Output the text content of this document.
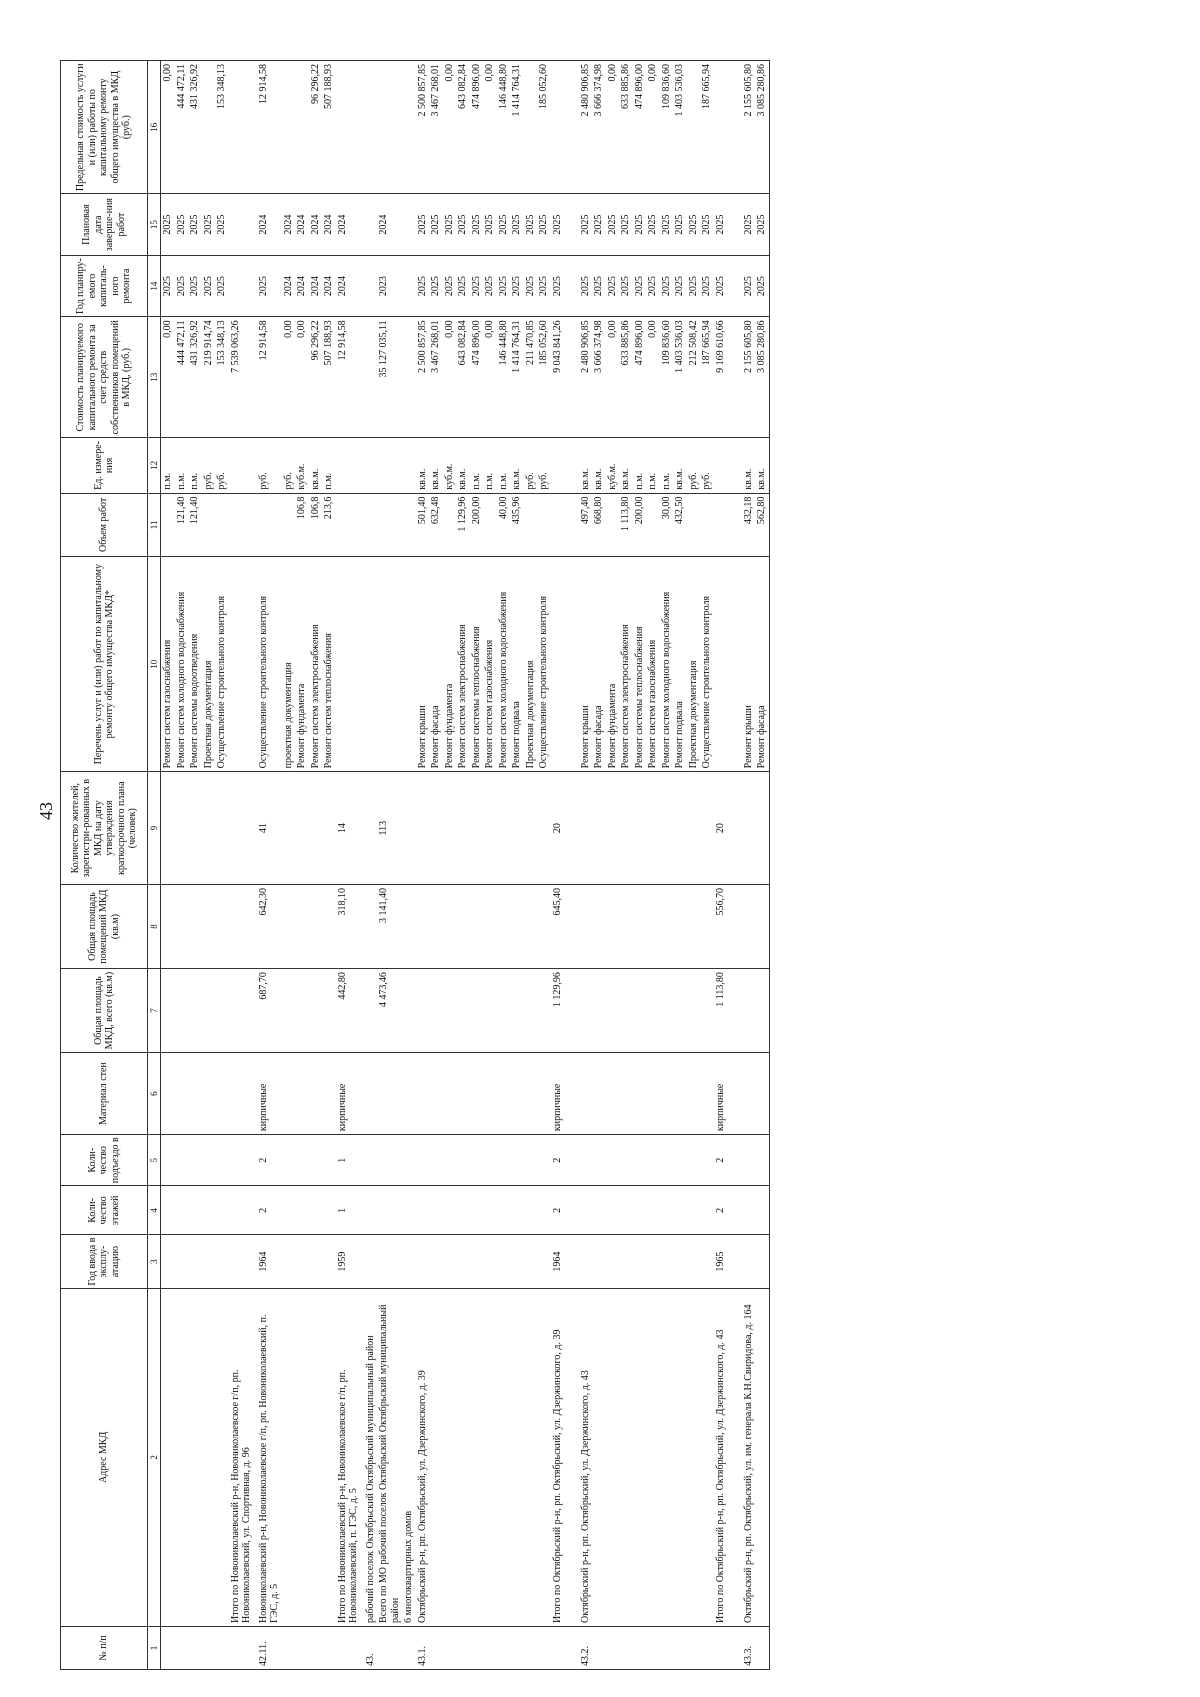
43
№ п/п	Адрес МКД	Год ввода в эксплу-атацию	Коли-чество этажей	Коли-чество подъездо в	Материал стен	Общая площадь МКД, всего (кв.м)	Общая площадь помещений МКД (кв.м)	Количество жителей, зарегистри-рованных в МКД на дату утверждения краткосрочного плана (человек)	Перечень услуг и (или) работ по капитальному ремонту общего имущества МКД*	Объем работ	Ед. измере-ния	Стоимость планируемого капитального ремонта за счет средств собственников помещений в МКД, (руб.)	Год планиру-емого капиталь-ного ремонта	Плановая дата заверше-ния работ	Предельная стоимость услуги и (или) работы по капитальному ремонту общего имущества в МКД (руб.)
1	2	3	4	5	6	7	8	9	10	11	12	13	14	15	16
									Ремонт систем газоснабжения		п.м.	0,00	2025	2025	0,00
									Ремонт систем холодного водоснабжения	121,40	п.м.	444 472,11	2025	2025	444 472,11
									Ремонт системы водоотведения	121,40	п.м.	431 326,92	2025	2025	431 326,92
									Проектная документация		руб.	219 914,74	2025	2025	
									Осуществление строительного контроля		руб.	153 348,13	2025	2025	153 348,13
	Итого по Новониколаевский р-н, Новониколаевское г/п, рп. Новониколаевский, ул. Спортивная, д. 96											7 539 063,26			
42.11.	Новониколаевский р-н, Новониколаевское г/п, рп. Новониколаевский, п. ГЭС, д. 5	1964	2	2	кирпичные	687,70	642,30	41	Осуществление строительного контроля		руб.	12 914,58	2025	2024	12 914,58
									проектная документация		руб.	0,00	2024	2024	
									Ремонт фундамента	106,8	куб.м.	0,00	2024	2024	
									Ремонт систем электроснабжения	106,8	кв.м.	96 296,22	2024	2024	96 296,22
									Ремонт систем теплоснабжения	213,6	п.м.	507 188,93	2024	2024	507 188,93
	Итого по Новониколаевский р-н, Новониколаевское г/п, рп. Новониколаевский, п. ГЭС, д. 5	1959	1	1	кирпичные	442,80	318,10	14				12 914,58	2024	2024	
43.	рабочий поселок Октябрьский Октябрьский муниципальный район														
	Всего по МО рабочий поселок Октябрьский Октябрьский муниципальный район					4 473,46	3 141,40	113				35 127 035,11	2023	2024	
	6 многоквартирных домов														
43.1.	Октябрьский р-н, рп. Октябрьский, ул. Дзержинского, д. 39								Ремонт крыши	501,40	кв.м.	2 500 857,85	2025	2025	2 500 857,85
									Ремонт фасада	632,48	кв.м.	3 467 268,01	2025	2025	3 467 268,01
									Ремонт фундамента		куб.м.	0,00	2025	2025	0,00
									Ремонт систем электроснабжения	1 129,96	кв.м.	643 082,84	2025	2025	643 082,84
									Ремонт системы теплоснабжения	200,00	п.м.	474 896,00	2025	2025	474 896,00
									Ремонт систем газоснабжения		п.м.	0,00	2025	2025	0,00
									Ремонт систем холодного водоснабжения	40,00	п.м.	146 448,80	2025	2025	146 448,80
									Ремонт подвала	435,96	кв.м.	1 414 764,31	2025	2025	1 414 764,31
									Проектная документация		руб.	211 470,85	2025	2025	
									Осуществление строительного контроля		руб.	185 052,60	2025	2025	185 052,60
	Итого по Октябрьский р-н, рп. Октябрьский, ул. Дзержинского, д. 39	1964	2	2	кирпичные	1 129,96	645,40	20				9 043 841,26	2025	2025	
43.2.	Октябрьский р-н, рп. Октябрьский, ул. Дзержинского, д. 43								Ремонт крыши	497,40	кв.м.	2 480 906,85	2025	2025	2 480 906,85
									Ремонт фасада	668,80	кв.м.	3 666 374,98	2025	2025	3 666 374,98
									Ремонт фундамента		куб.м.	0,00	2025	2025	0,00
									Ремонт систем электроснабжения	1 113,80	кв.м.	633 885,86	2025	2025	633 885,86
									Ремонт системы теплоснабжения	200,00	п.м.	474 896,00	2025	2025	474 896,00
									Ремонт систем газоснабжения		п.м.	0,00	2025	2025	0,00
									Ремонт систем холодного водоснабжения	30,00	п.м.	109 836,60	2025	2025	109 836,60
									Ремонт подвала	432,50	кв.м.	1 403 536,03	2025	2025	1 403 536,03
									Проектная документация		руб.	212 508,42	2025	2025	
									Осуществление строительного контроля		руб.	187 665,94	2025	2025	187 665,94
	Итого по Октябрьский р-н, рп. Октябрьский, ул. Дзержинского, д. 43	1965	2	2	кирпичные	1 113,80	556,70	20				9 169 610,66	2025	2025	
43.3.	Октябрьский р-н, рп. Октябрьский, ул. им. генерала К.Н.Свиридова, д. 164								Ремонт крыши	432,18	кв.м.	2 155 605,80	2025	2025	2 155 605,80
									Ремонт фасада	562,80	кв.м.	3 085 280,86	2025	2025	3 085 280,86
